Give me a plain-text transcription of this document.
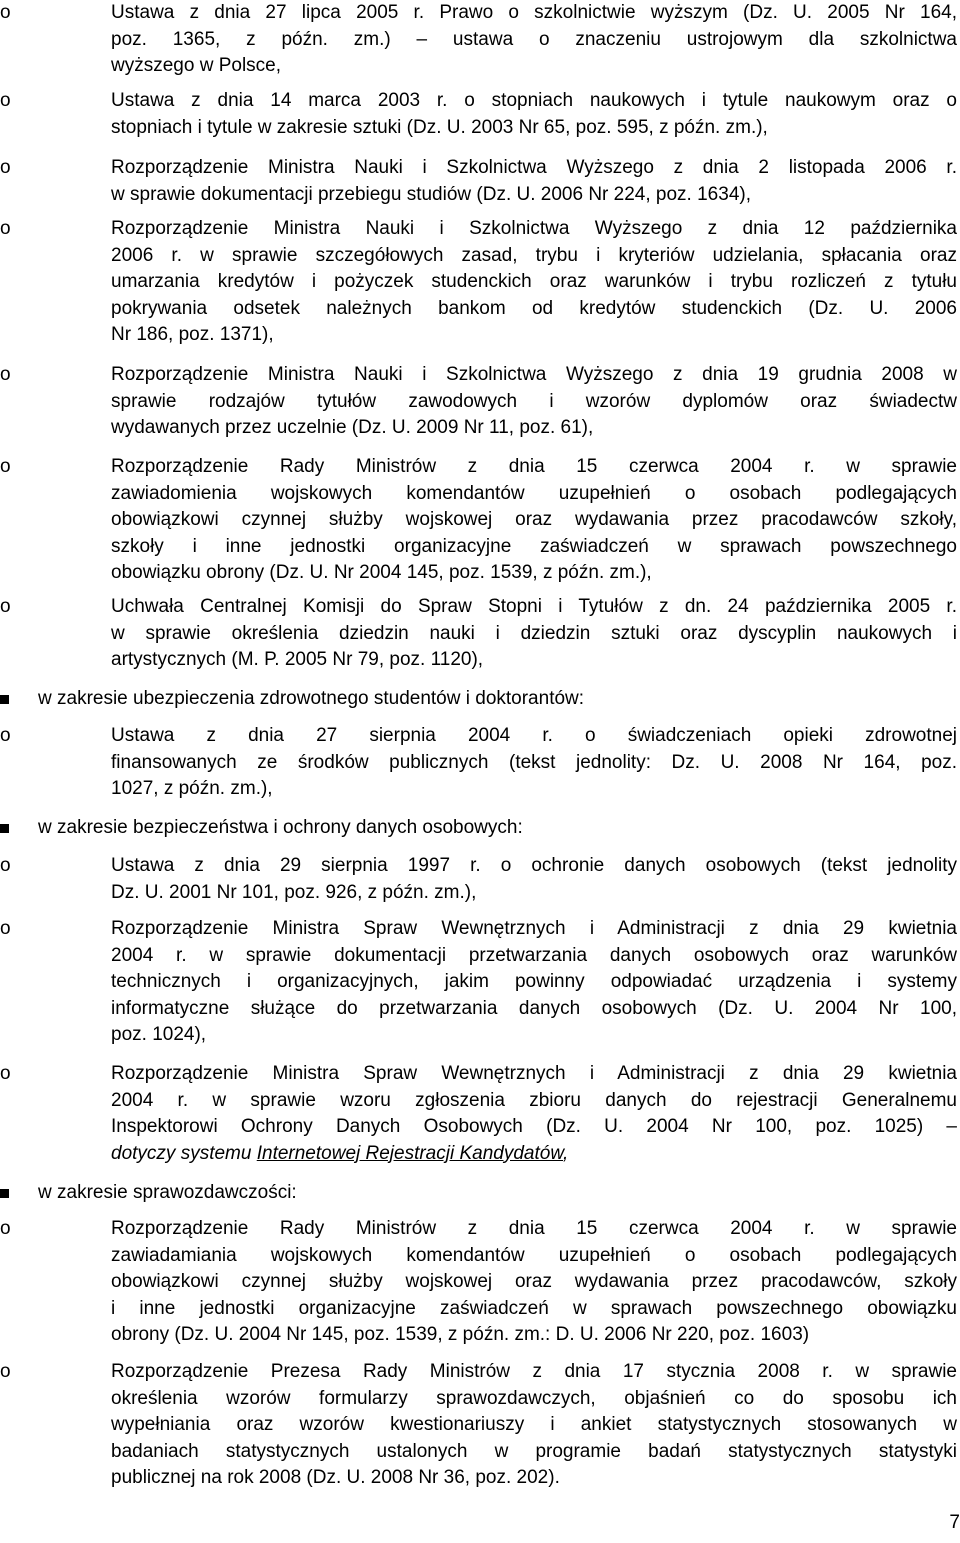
o	Ustawa z dnia 27 lipca 2005 r. Prawo o szkolnictwie wyższym (Dz. U. 2005 Nr 164,
poz. 1365, z późn. zm.) – ustawa o znaczeniu ustrojowym dla szkolnictwa
wyższego w Polsce,
o	Ustawa z dnia 14 marca 2003 r. o stopniach naukowych i tytule naukowym oraz o
stopniach i tytule w zakresie sztuki (Dz. U. 2003 Nr 65, poz. 595, z późn. zm.),
o	Rozporządzenie Ministra Nauki i Szkolnictwa Wyższego z dnia 2 listopada 2006 r.
w sprawie dokumentacji przebiegu studiów (Dz. U. 2006 Nr 224, poz. 1634),
o	Rozporządzenie Ministra Nauki i Szkolnictwa Wyższego z dnia 12 października
2006 r. w sprawie szczegółowych zasad, trybu i kryteriów udzielania, spłacania oraz
umarzania kredytów i pożyczek studenckich oraz warunków i trybu rozliczeń z tytułu
pokrywania odsetek należnych bankom od kredytów studenckich (Dz. U. 2006
Nr 186, poz. 1371),
o	Rozporządzenie Ministra Nauki i Szkolnictwa Wyższego z dnia 19 grudnia 2008 w
sprawie rodzajów tytułów zawodowych i wzorów dyplomów oraz świadectw
wydawanych przez uczelnie (Dz. U. 2009 Nr 11, poz. 61),
o	Rozporządzenie Rady Ministrów z dnia 15 czerwca 2004 r. w sprawie
zawiadomienia wojskowych komendantów uzupełnień o osobach podlegających
obowiązkowi czynnej służby wojskowej oraz wydawania przez pracodawców szkoły,
szkoły i inne jednostki organizacyjne zaświadczeń w sprawach powszechnego
obowiązku obrony (Dz. U. Nr 2004 145, poz. 1539, z późn. zm.),
o	Uchwała Centralnej Komisji do Spraw Stopni i Tytułów z dn. 24 października 2005 r.
w sprawie określenia dziedzin nauki i dziedzin sztuki oraz dyscyplin naukowych i
artystycznych (M. P. 2005 Nr 79, poz. 1120),
w zakresie ubezpieczenia zdrowotnego studentów i doktorantów:
o	Ustawa z dnia 27 sierpnia 2004 r. o świadczeniach opieki zdrowotnej
finansowanych ze środków publicznych (tekst jednolity: Dz. U. 2008 Nr 164, poz.
1027, z późn. zm.),
w zakresie bezpieczeństwa i ochrony danych osobowych:
o	Ustawa z dnia 29 sierpnia 1997 r. o ochronie danych osobowych (tekst jednolity
Dz. U. 2001 Nr 101, poz. 926, z późn. zm.),
o	Rozporządzenie Ministra Spraw Wewnętrznych i Administracji z dnia 29 kwietnia
2004 r. w sprawie dokumentacji przetwarzania danych osobowych oraz warunków
technicznych i organizacyjnych, jakim powinny odpowiadać urządzenia i systemy
informatyczne służące do przetwarzania danych osobowych (Dz. U. 2004 Nr 100,
poz. 1024),
o	Rozporządzenie Ministra Spraw Wewnętrznych i Administracji z dnia 29 kwietnia
2004 r. w sprawie wzoru zgłoszenia zbioru danych do rejestracji Generalnemu
Inspektorowi Ochrony Danych Osobowych (Dz. U. 2004 Nr 100, poz. 1025) –
dotyczy systemu Internetowej Rejestracji Kandydatów,
w zakresie sprawozdawczości:
o	Rozporządzenie Rady Ministrów z dnia 15 czerwca 2004 r. w sprawie
zawiadamiania wojskowych komendantów uzupełnień o osobach podlegających
obowiązkowi czynnej służby wojskowej oraz wydawania przez pracodawców, szkoły
i inne jednostki organizacyjne zaświadczeń w sprawach powszechnego obowiązku
obrony (Dz. U. 2004 Nr 145, poz. 1539, z późn. zm.: D. U. 2006 Nr 220, poz. 1603)
o	Rozporządzenie Prezesa Rady Ministrów z dnia 17 stycznia 2008 r. w sprawie
określenia wzorów formularzy sprawozdawczych, objaśnień co do sposobu ich
wypełniania oraz wzorów kwestionariuszy i ankiet statystycznych stosowanych w
badaniach statystycznych ustalonych w programie badań statystycznych statystyki
publicznej na rok 2008 (Dz. U. 2008 Nr 36, poz. 202).
7
